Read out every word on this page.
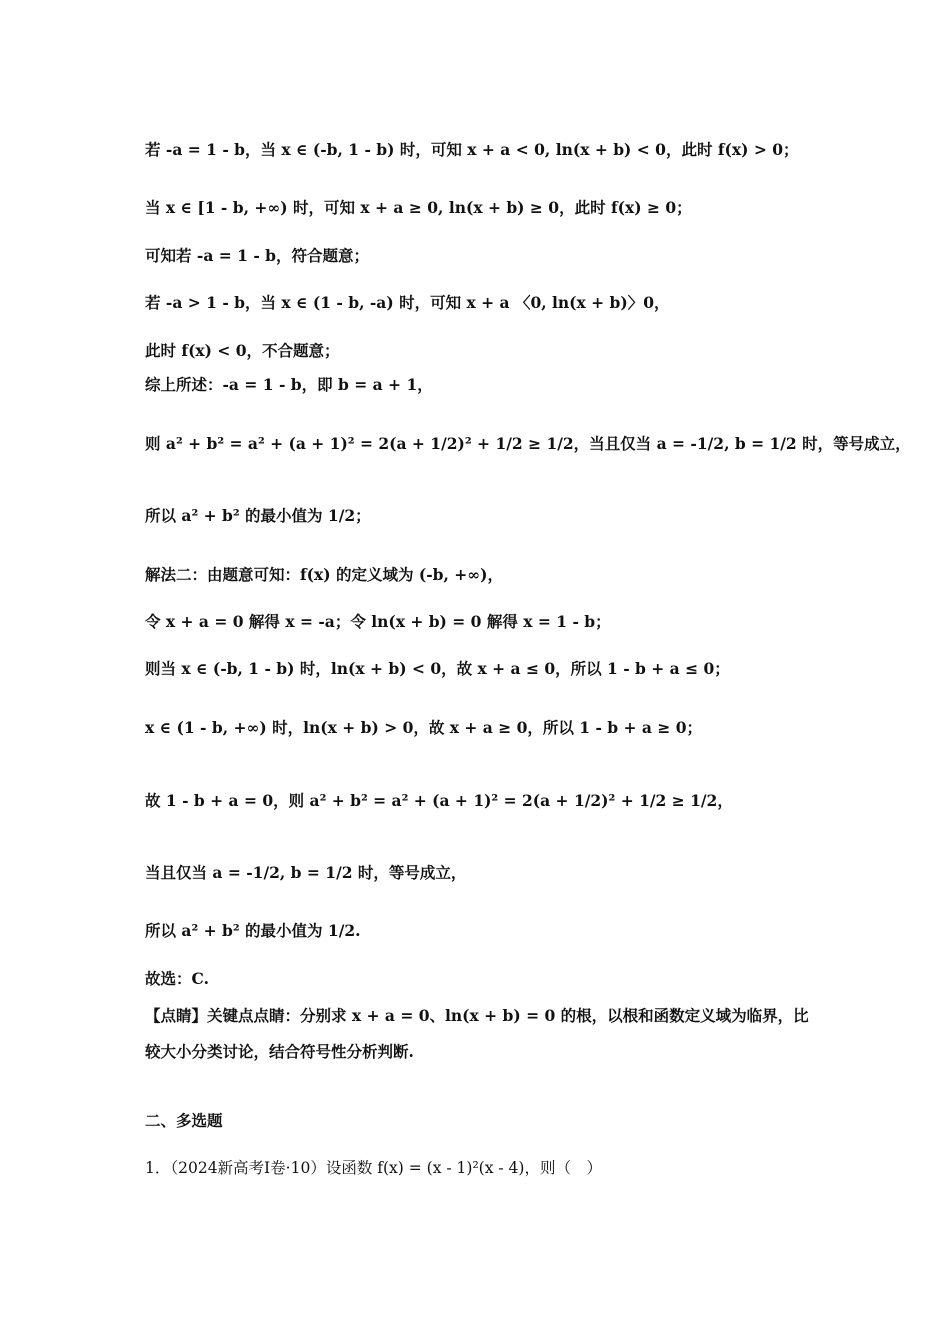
若 -a = 1 - b，当 x ∈ (-b, 1 - b) 时，可知 x + a < 0, ln(x + b) < 0，此时 f(x) > 0；
当 x ∈ [1 - b, +∞) 时，可知 x + a ≥ 0, ln(x + b) ≥ 0，此时 f(x) ≥ 0；
可知若 -a = 1 - b，符合题意；
若 -a > 1 - b，当 x ∈ (1 - b, -a) 时，可知 x + a 〈0, ln(x + b)〉0，
此时 f(x) < 0，不合题意；
综上所述：-a = 1 - b，即 b = a + 1，
则 a² + b² = a² + (a + 1)² = 2(a + 1/2)² + 1/2 ≥ 1/2，当且仅当 a = -1/2, b = 1/2 时，等号成立，
所以 a² + b² 的最小值为 1/2；
解法二：由题意可知：f(x) 的定义域为 (-b, +∞)，
令 x + a = 0 解得 x = -a；令 ln(x + b) = 0 解得 x = 1 - b；
则当 x ∈ (-b, 1 - b) 时，ln(x + b) < 0，故 x + a ≤ 0，所以 1 - b + a ≤ 0；
x ∈ (1 - b, +∞) 时，ln(x + b) > 0，故 x + a ≥ 0，所以 1 - b + a ≥ 0；
故 1 - b + a = 0，则 a² + b² = a² + (a + 1)² = 2(a + 1/2)² + 1/2 ≥ 1/2，
当且仅当 a = -1/2, b = 1/2 时，等号成立，
所以 a² + b² 的最小值为 1/2.
故选：C.
【点睛】关键点点睛：分别求 x + a = 0、ln(x + b) = 0 的根，以根和函数定义域为临界，比
较大小分类讨论，结合符号性分析判断.
二、多选题
1．（2024新高考Ⅰ卷·10）设函数 f(x) = (x - 1)²(x - 4)，则（　）
